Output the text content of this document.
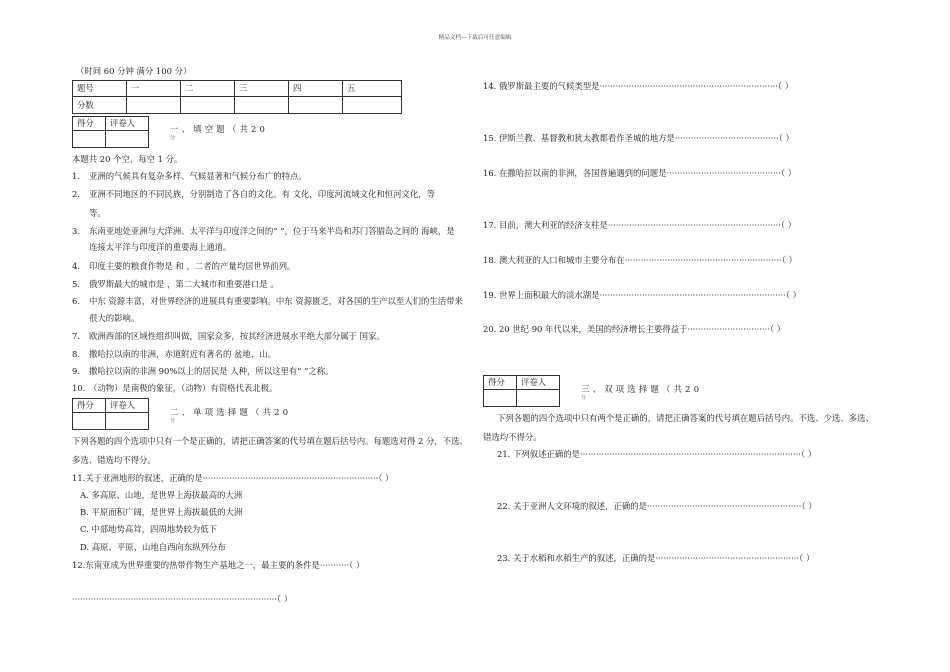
精品文档---下载后可任意编辑
（时间 60 分钟 满分 100 分）
题号	一	二	三	四	五
分数					
得分	评卷人

一、填空题（共20
分
本题共 20 个空，每空 1 分。
1. 亚洲的气候具有复杂多样、气候显著和气候分布广的特点。
2. 亚洲不同地区的不同民族，分别制造了各自的文化。有 文化，印度河流域文化和恒河文化，等
等。
3. 东南亚地处亚洲与大洋洲、太平洋与印度洋之间的“ ”，位于马来半岛和苏门答腊岛之间的 海峡，是
连接太平洋与印度洋的重要海上通道。
4. 印度主要的粮食作物是 和 ，二者的产量均居世界前列。
5. 俄罗斯最大的城市是 ，第二大城市和重要港口是 。
6. 中东 资源丰富，对世界经济的进展具有重要影响。中东 资源匮乏，对各国的生产以至人们的生活带来
很大的影响。
7. 欧洲西部的区域性组织叫做，国家众多，按其经济进展水平绝大部分属于 国家。
8. 撒哈拉以南的非洲，赤道附近有著名的 盆地、山。
9. 撒哈拉以南的非洲 90%以上的居民是 人种，所以这里有“ ”之称。
10. （动物）是南极的象征，（动物）有资格代表北极。
得分	评卷人

二、单项选择题（共20
分
下列各题的四个选项中只有一个是正确的，请把正确答案的代号填在题后括号内。每题选对得 2 分，不选、
多选、错选均不得分。
11.关于亚洲地形的叙述，正确的是··································································（ ）
A. 多高原、山地，是世界上海拔最高的大洲
B. 平原面积广阔，是世界上海拔最低的大洲
C. 中部地势高耸，四周地势较为低下
D. 高原、平原、山地自西向东纵列分布
12.东南亚成为世界重要的热带作物生产基地之一，最主要的条件是···········（ ）
·············································································（ ）
14. 俄罗斯最主要的气候类型是···································································（ ）
15. 伊斯兰教、基督教和犹太教都看作圣城的地方是·······································（ ）
16. 在撒哈拉以南的非洲，各国普遍遇到的问题是···········································（ ）
17. 目前，澳大利亚的经济支柱是·································································（ ）
18. 澳大利亚的人口和城市主要分布在···························································（ ）
19. 世界上面积最大的淡水湖是······································································（ ）
20. 20 世纪 90 年代以来，美国的经济增长主要得益于·······························（ ）
得分	评卷人

三、双项选择题（共20
分
下列各题的四个选项中只有两个是正确的，请把正确答案的代号填在题后括号内。不选、少选、多选、
错选均不得分。
21. 下列叙述正确的是···················································································（ ）
22. 关于亚洲人文环境的叙述，正确的是··························································（ ）
23. 关于水稻和水稻生产的叙述，正确的是······················································（ ）
